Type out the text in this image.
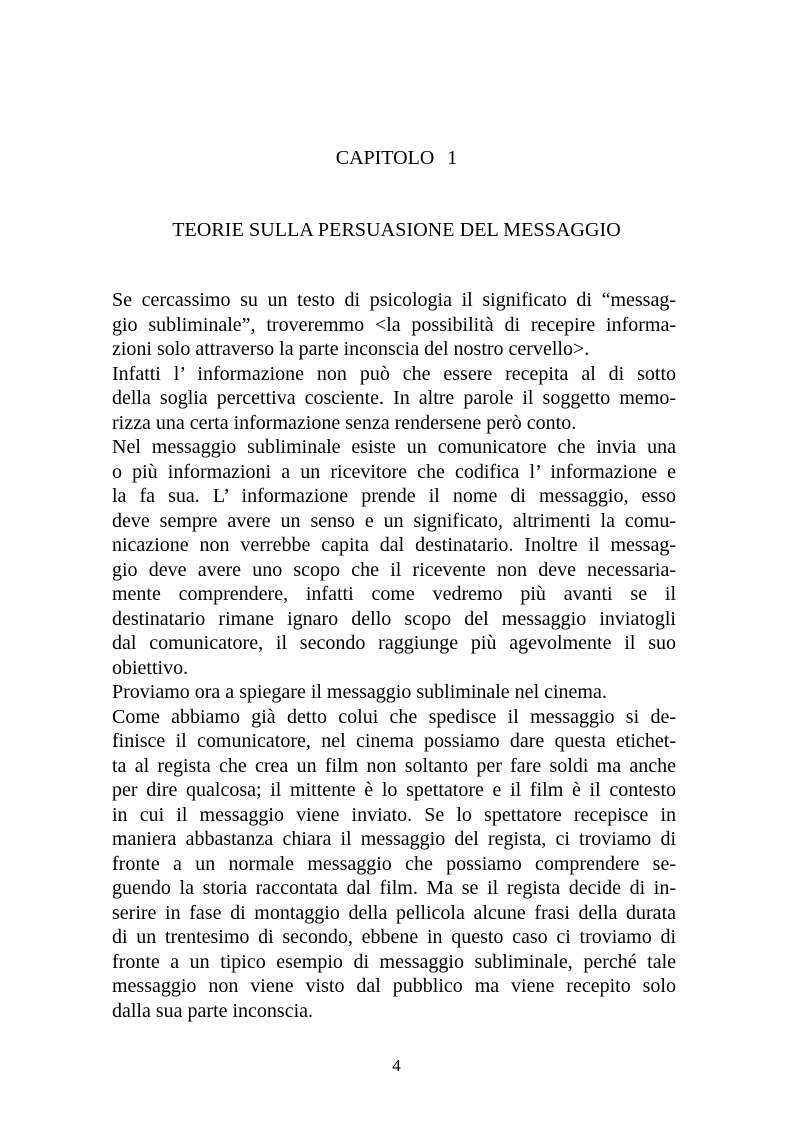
CAPITOLO 1
TEORIE SULLA PERSUASIONE DEL MESSAGGIO
Se cercassimo su un testo di psicologia il significato di “messag-
gio subliminale”, troveremmo <la possibilità di recepire informa-
zioni solo attraverso la parte inconscia del nostro cervello>.
Infatti l’ informazione non può che essere recepita al di sotto
della soglia percettiva cosciente. In altre parole il soggetto memo-
rizza una certa informazione senza rendersene però conto.
Nel messaggio subliminale esiste un comunicatore che invia una
o più informazioni a un ricevitore che codifica l’ informazione e
la fa sua. L’ informazione prende il nome di messaggio, esso
deve sempre avere un senso e un significato, altrimenti la comu-
nicazione non verrebbe capita dal destinatario. Inoltre il messag-
gio deve avere uno scopo che il ricevente non deve necessaria-
mente comprendere, infatti come vedremo più avanti se il
destinatario rimane ignaro dello scopo del messaggio inviatogli
dal comunicatore, il secondo raggiunge più agevolmente il suo
obiettivo.
Proviamo ora a spiegare il messaggio subliminale nel cinema.
Come abbiamo già detto colui che spedisce il messaggio si de-
finisce il comunicatore, nel cinema possiamo dare questa etichet-
ta al regista che crea un film non soltanto per fare soldi ma anche
per dire qualcosa; il mittente è lo spettatore e il film è il contesto
in cui il messaggio viene inviato. Se lo spettatore recepisce in
maniera abbastanza chiara il messaggio del regista, ci troviamo di
fronte a un normale messaggio che possiamo comprendere se-
guendo la storia raccontata dal film. Ma se il regista decide di in-
serire in fase di montaggio della pellicola alcune frasi della durata
di un trentesimo di secondo, ebbene in questo caso ci troviamo di
fronte a un tipico esempio di messaggio subliminale, perché tale
messaggio non viene visto dal pubblico ma viene recepito solo
dalla sua parte inconscia.
4
